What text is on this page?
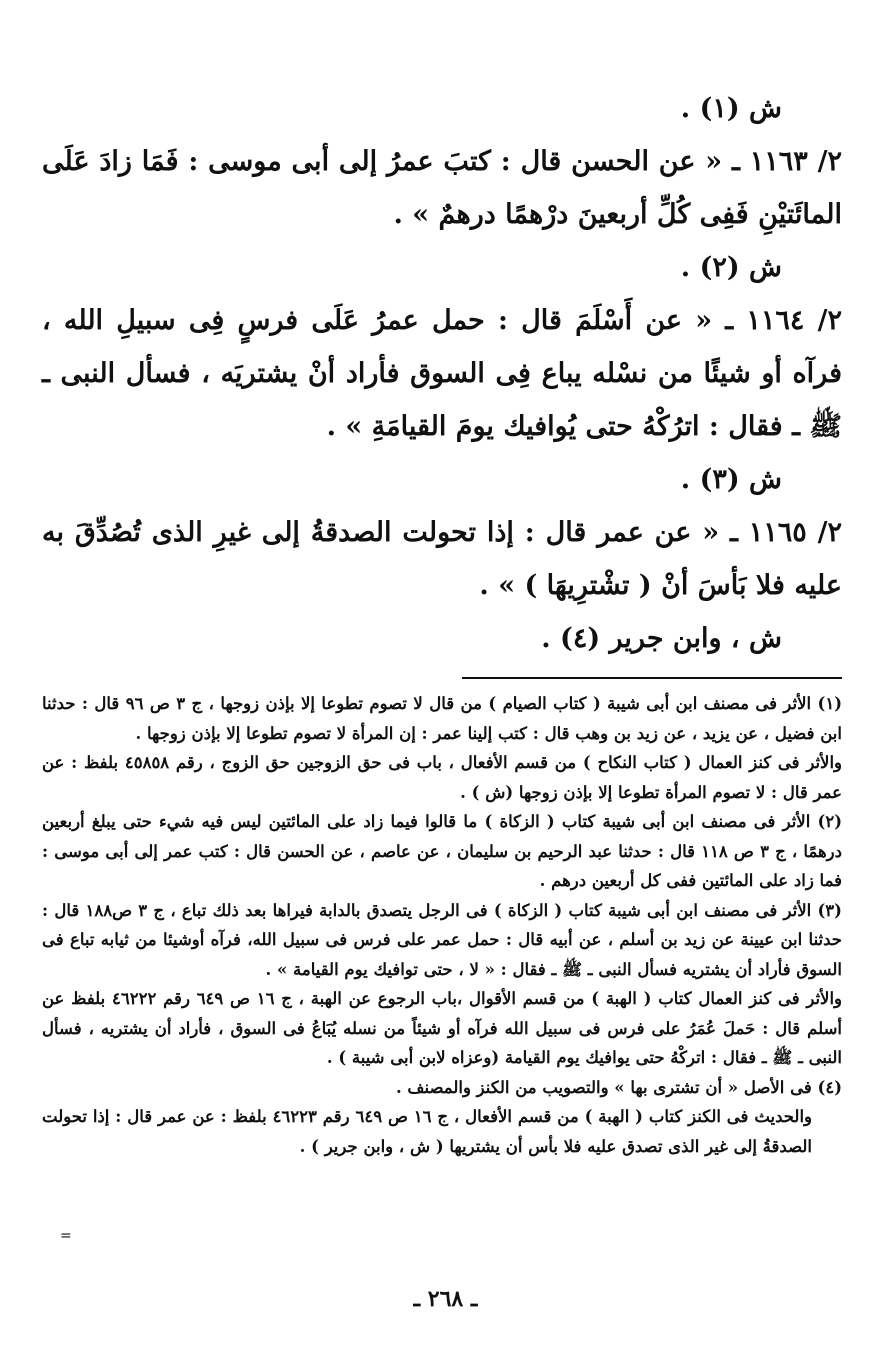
ش (١) .

٢/ ١١٦٣ ـ « عن الحسن قال : كتبَ عمرُ إلى أبى موسى : فَمَا زادَ عَلَى المائَتيْنِ فَفِى كُلِّ أربعينَ درْهمًا درهمٌ » .

ش (٢) .

٢/ ١١٦٤ ـ « عن أَسْلَمَ قال : حمل عمرُ عَلَى فرسٍ فِى سبيلِ الله ، فرآه أو شيئًا من نسْله يباع فِى السوق فأراد أنْ يشتريَه ، فسأل النبى ـ ﷺ ـ فقال : اترُكْهُ حتى يُوافيك يومَ القيامَةِ » .

ش (٣) .

٢/ ١١٦٥ ـ « عن عمر قال : إذا تحولت الصدقةُ إلى غيرِ الذى تُصُدِّقَ به عليه فلا بَأسَ أنْ ( تشْترِيهَا ) » .

ش ، وابن جرير (٤) .

(١) الأثر فى مصنف ابن أبى شيبة ( كتاب الصيام ) من قال لا تصوم تطوعا إلا بإذن زوجها ، ج ٣ ص ٩٦ قال : حدثنا ابن فضيل ، عن يزيد ، عن زيد بن وهب قال : كتب إلينا عمر : إن المرأة لا تصوم تطوعا إلا بإذن زوجها .

والأثر فى كنز العمال ( كتاب النكاح ) من قسم الأفعال ، باب فى حق الزوجين حق الزوج ، رقم ٤٥٨٥٨ بلفظ : عن عمر قال : لا تصوم المرأة تطوعا إلا بإذن زوجها (ش ) .

(٢) الأثر فى مصنف ابن أبى شيبة كتاب ( الزكاة ) ما قالوا فيما زاد على المائتين ليس فيه شيء حتى يبلغ أربعين درهمًا ، ج ٣ ص ١١٨ قال : حدثنا عبد الرحيم بن سليمان ، عن عاصم ، عن الحسن قال : كتب عمر إلى أبى موسى : فما زاد على المائتين ففى كل أربعين درهم .

(٣) الأثر فى مصنف ابن أبى شيبة كتاب ( الزكاة ) فى الرجل يتصدق بالدابة فيراها بعد ذلك تباع ، ج ٣ ص١٨٨ قال : حدثنا ابن عيينة عن زيد بن أسلم ، عن أبيه قال : حمل عمر على فرس فى سبيل الله، فرآه أوشيئا من ثيابه تباع فى السوق فأراد أن يشتريه فسأل النبى ـ ﷺ ـ فقال : « لا ، حتى توافيك يوم القيامة » .

والأثر فى كنز العمال كتاب ( الهبة ) من قسم الأقوال ،باب الرجوع عن الهبة ، ج ١٦ ص ٦٤٩ رقم ٤٦٢٢٢ بلفظ عن أسلم قال : حَملَ عُمَرُ على فرس فى سبيل الله فرآه أو شيئاً من نسله يُبَاعُ فى السوق ، فأراد أن يشتريه ، فسأل النبى ـ ﷺ ـ فقال : اتركْهُ حتى يوافيك يوم القيامة (وعزاه لابن أبى شيبة ) .

(٤) فى الأصل « أن تشترى بها » والتصويب من الكنز والمصنف .

والحديث فى الكنز كتاب ( الهبة ) من قسم الأفعال ، ج ١٦ ص ٦٤٩ رقم ٤٦٢٢٣ بلفظ : عن عمر قال : إذا تحولت الصدقةُ إلى غير الذى تصدق عليه فلا بأس أن يشتريها ( ش ، وابن جرير ) .

=
ـ ٢٦٨ ـ
